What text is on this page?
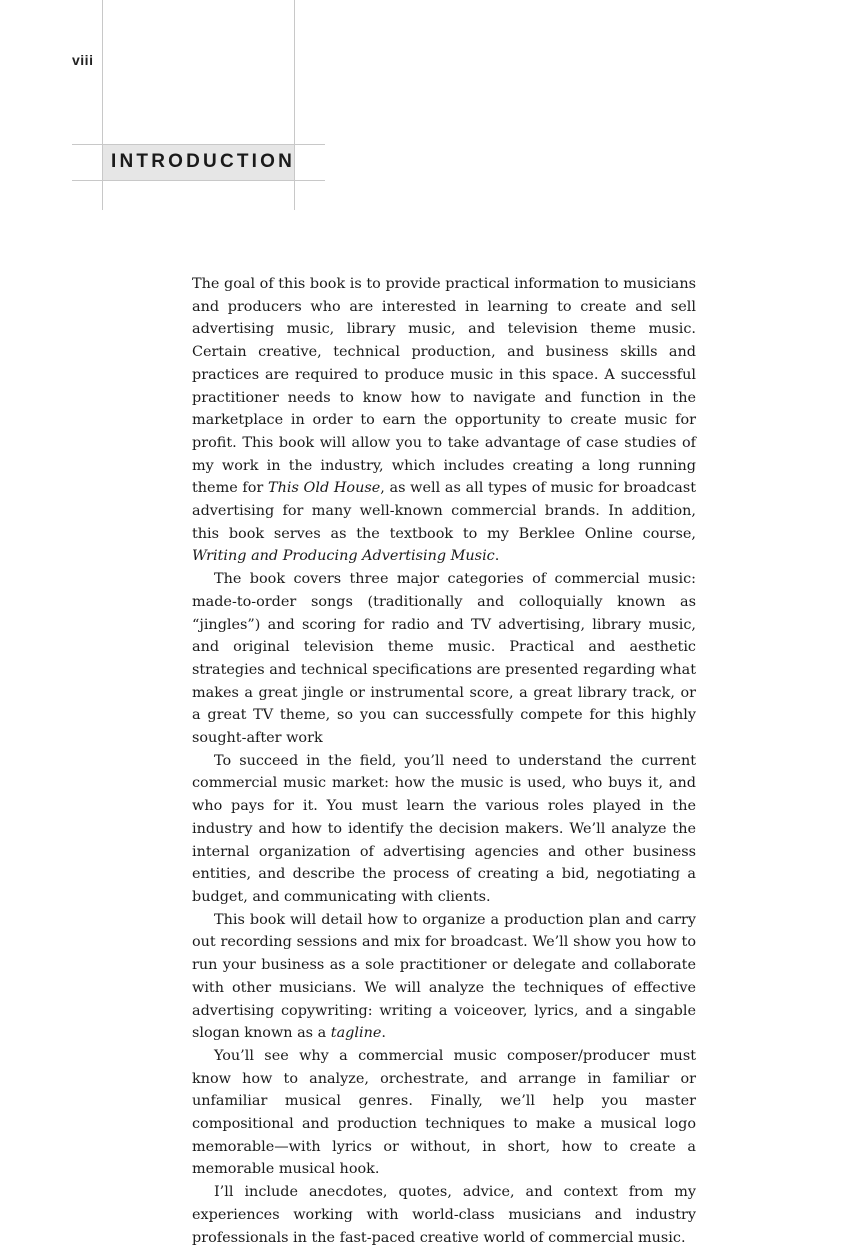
viii
INTRODUCTION

The goal of this book is to provide practical information to musicians and producers who are interested in learning to create and sell advertising music, library music, and television theme music. Certain creative, technical production, and business skills and practices are required to produce music in this space. A successful practitioner needs to know how to navigate and function in the marketplace in order to earn the opportunity to create music for profit. This book will allow you to take advantage of case studies of my work in the industry, which includes creating a long running theme for This Old House, as well as all types of music for broadcast advertising for many well-known commercial brands. In addition, this book serves as the textbook to my Berklee Online course, Writing and Producing Advertising Music.

The book covers three major categories of commercial music: made-to-order songs (traditionally and colloquially known as “jingles”) and scoring for radio and TV advertising, library music, and original television theme music. Practical and aesthetic strategies and technical specifications are presented regarding what makes a great jingle or instrumental score, a great library track, or a great TV theme, so you can successfully compete for this highly sought-after work

To succeed in the field, you’ll need to understand the current commercial music market: how the music is used, who buys it, and who pays for it. You must learn the various roles played in the industry and how to identify the decision makers. We’ll analyze the internal organization of advertising agencies and other business entities, and describe the process of creating a bid, negotiating a budget, and communicating with clients.

This book will detail how to organize a production plan and carry out recording sessions and mix for broadcast. We’ll show you how to run your business as a sole practitioner or delegate and collaborate with other musicians. We will analyze the techniques of effective advertising copywriting: writing a voiceover, lyrics, and a singable slogan known as a tagline.

You’ll see why a commercial music composer/producer must know how to analyze, orchestrate, and arrange in familiar or unfamiliar musical genres. Finally, we’ll help you master compositional and production techniques to make a musical logo memorable—with lyrics or without, in short, how to create a memorable musical hook.

I’ll include anecdotes, quotes, advice, and context from my experiences working with world-class musicians and industry professionals in the fast-paced creative world of commercial music.
